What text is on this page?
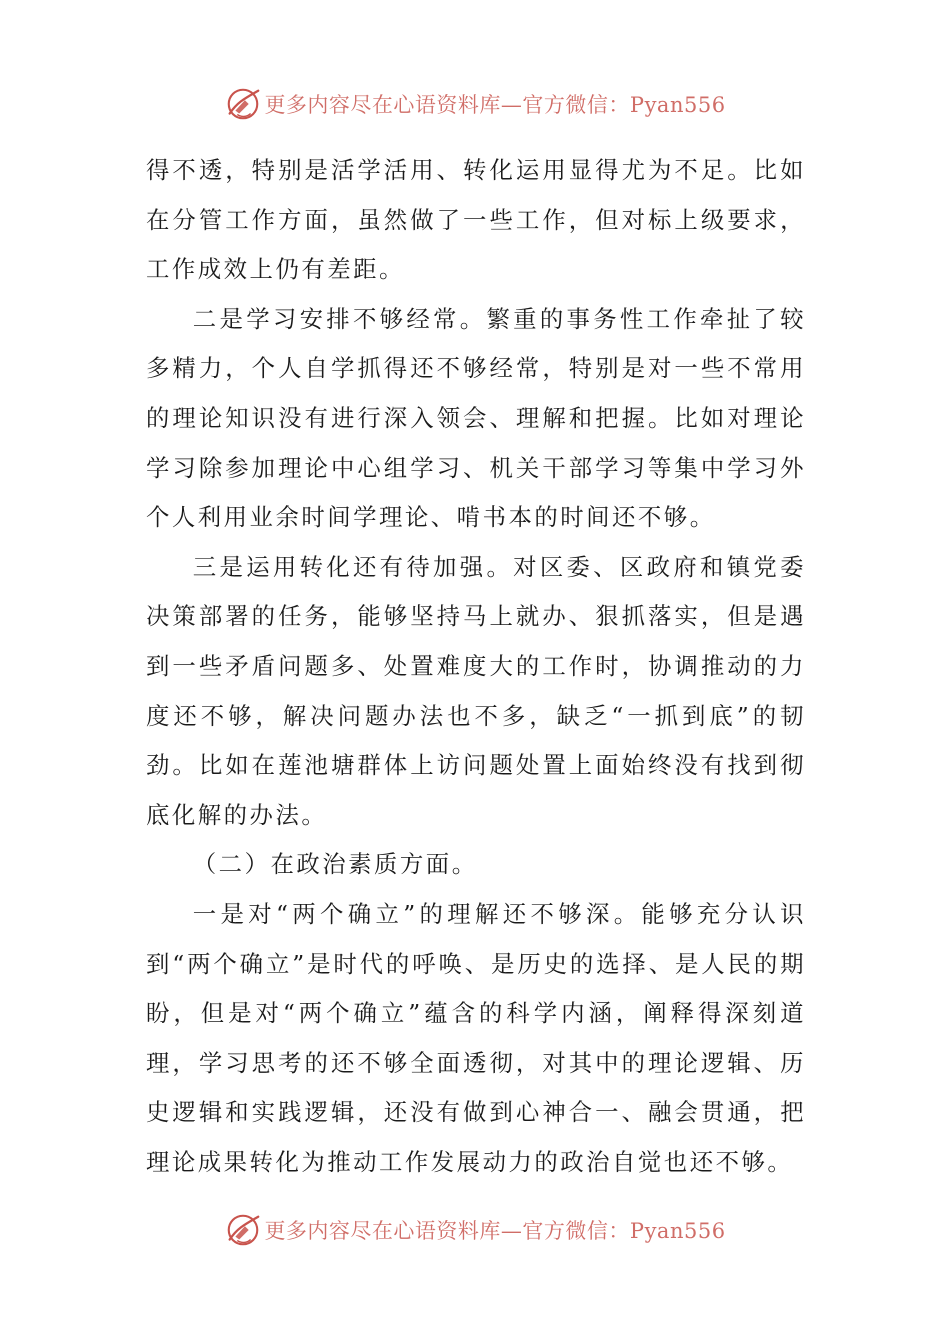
更多内容尽在心语资料库—官方微信：Pyan556

得不透，特别是活学活用、转化运用显得尤为不足。比如在分管工作方面，虽然做了一些工作，但对标上级要求，工作成效上仍有差距。

二是学习安排不够经常。繁重的事务性工作牵扯了较多精力，个人自学抓得还不够经常，特别是对一些不常用的理论知识没有进行深入领会、理解和把握。比如对理论学习除参加理论中心组学习、机关干部学习等集中学习外个人利用业余时间学理论、啃书本的时间还不够。

三是运用转化还有待加强。对区委、区政府和镇党委决策部署的任务，能够坚持马上就办、狠抓落实，但是遇到一些矛盾问题多、处置难度大的工作时，协调推动的力度还不够，解决问题办法也不多，缺乏“一抓到底”的韧劲。比如在莲池塘群体上访问题处置上面始终没有找到彻底化解的办法。

（二）在政治素质方面。

一是对“两个确立”的理解还不够深。能够充分认识到“两个确立”是时代的呼唤、是历史的选择、是人民的期盼，但是对“两个确立”蕴含的科学内涵，阐释得深刻道理，学习思考的还不够全面透彻，对其中的理论逻辑、历史逻辑和实践逻辑，还没有做到心神合一、融会贯通，把理论成果转化为推动工作发展动力的政治自觉也还不够。

更多内容尽在心语资料库—官方微信：Pyan556
